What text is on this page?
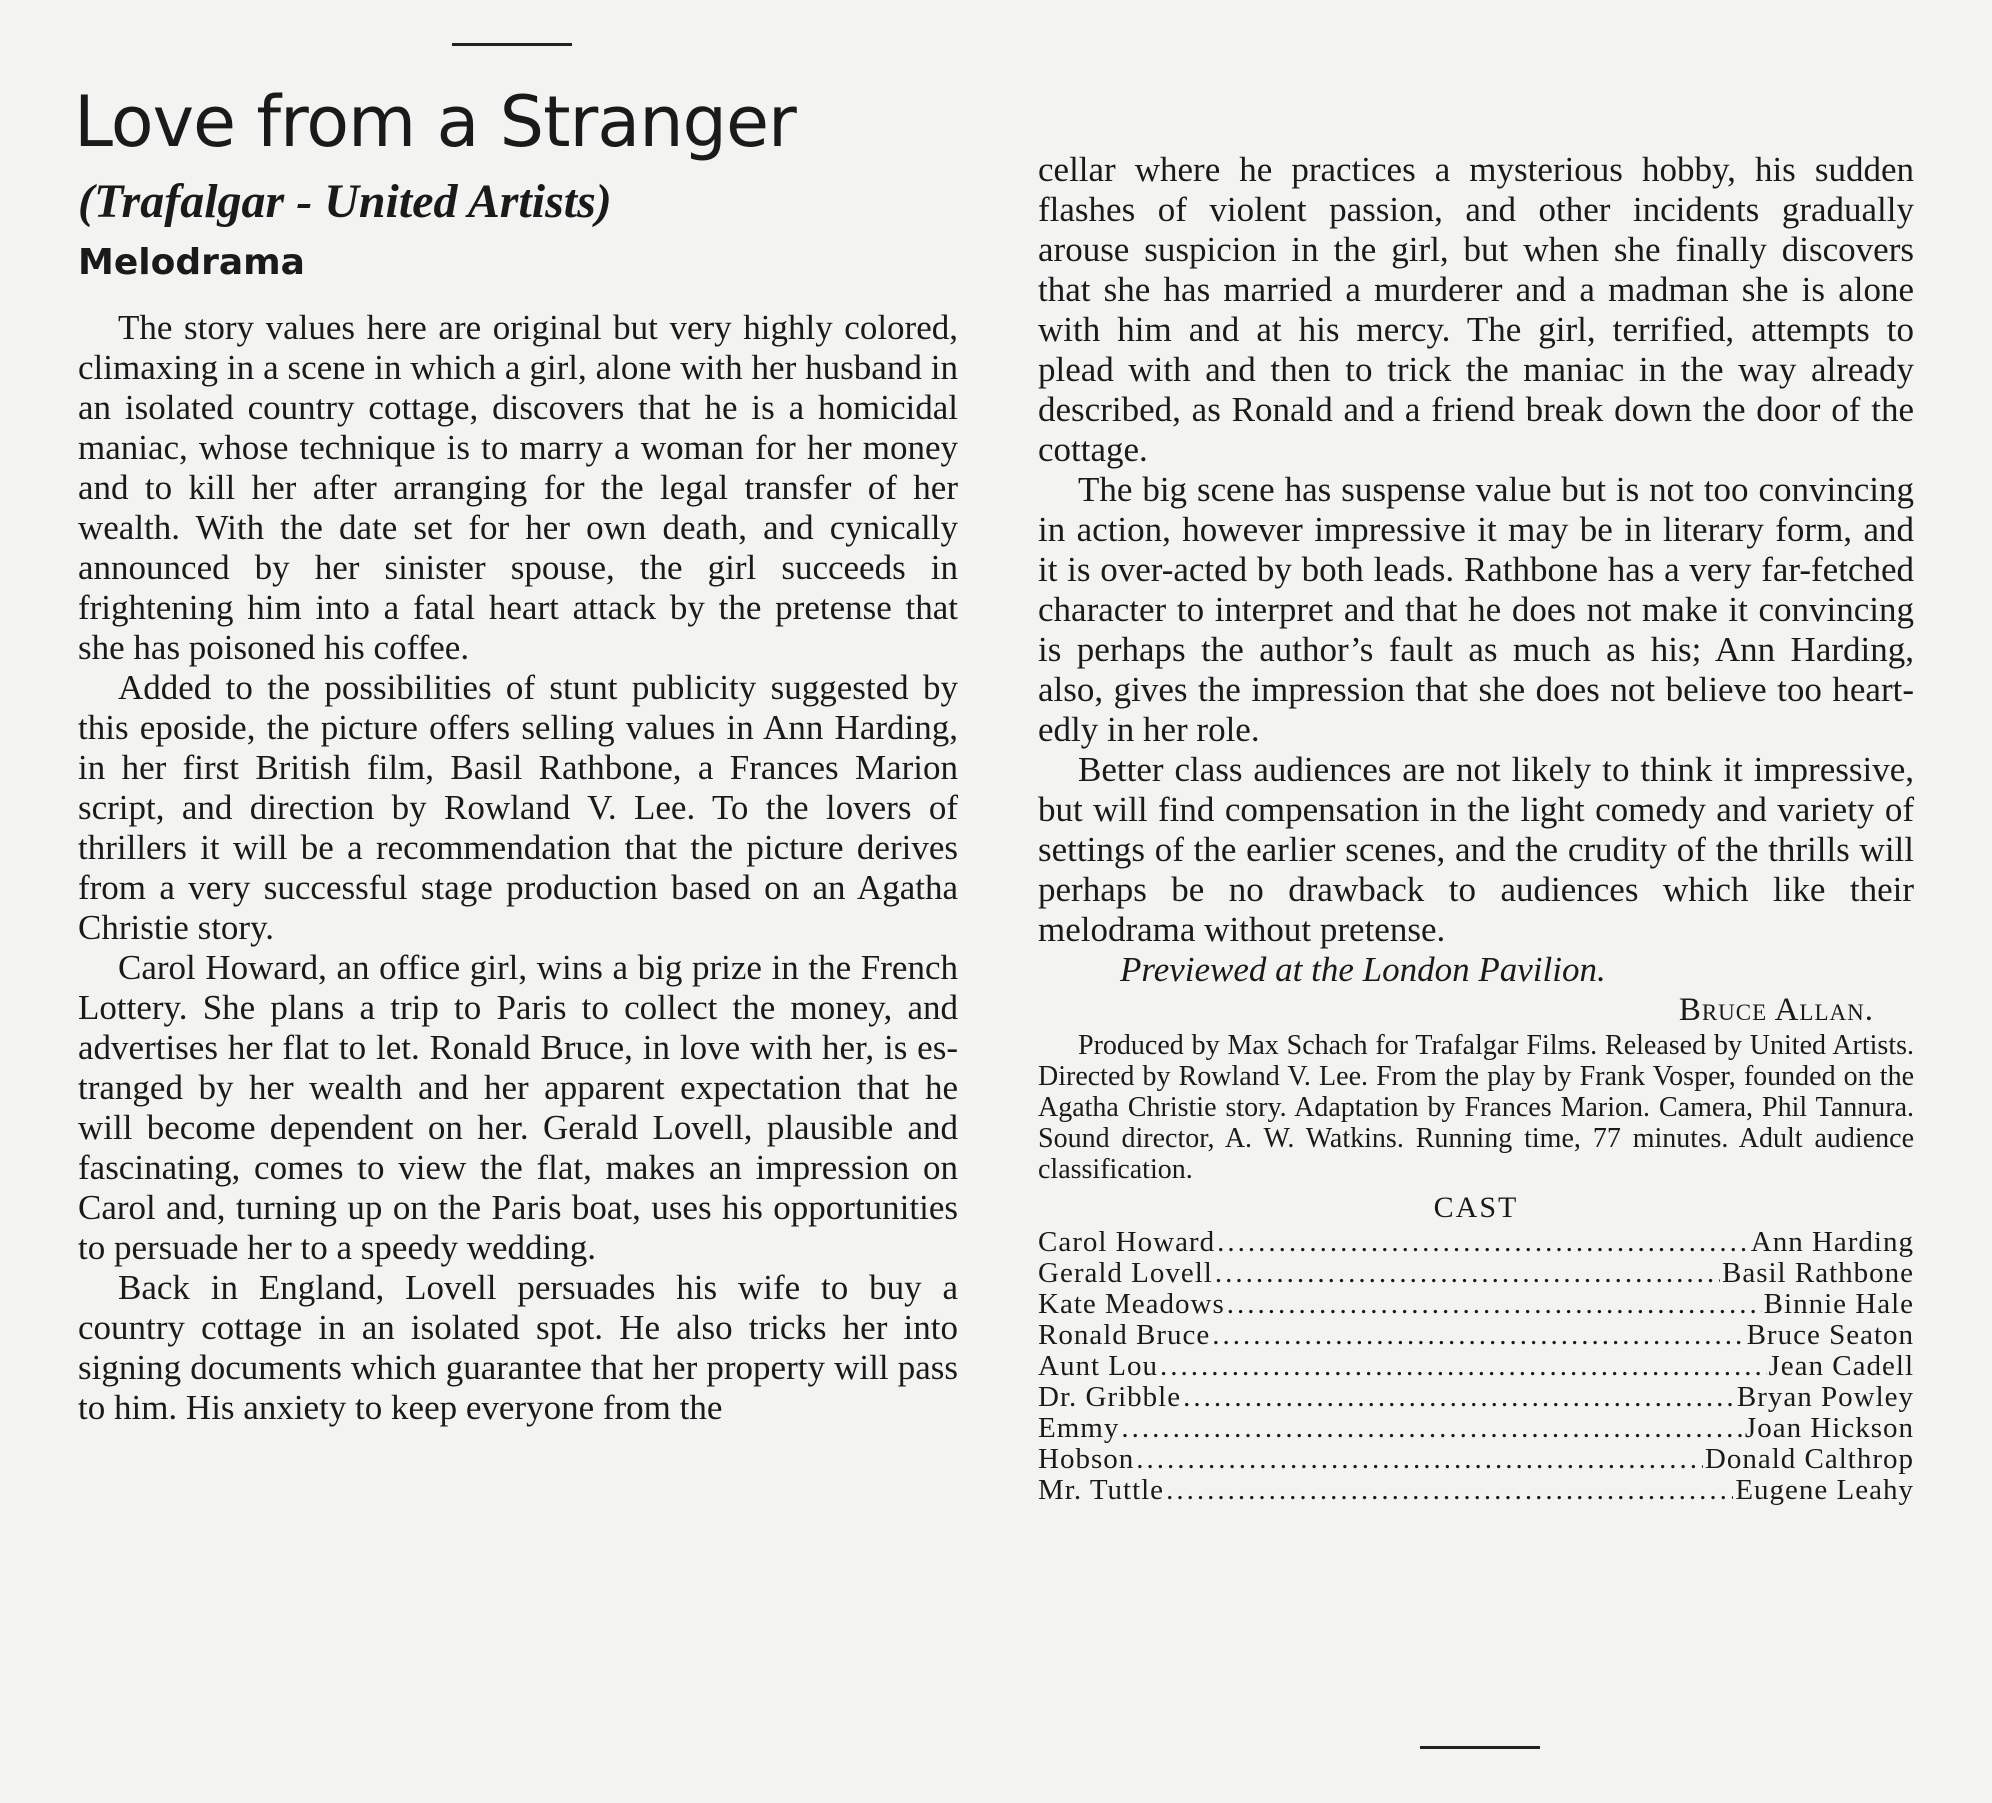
Love from a Stranger
(Trafalgar - United Artists)
Melodrama

The story values here are original but very highly colored, climaxing in a scene in which a girl, alone with her husband in an isolated country cottage, discovers that he is a homicidal maniac, whose technique is to marry a woman for her money and to kill her after arranging for the legal transfer of her wealth. With the date set for her own death, and cynically announced by her sinister spouse, the girl succeeds in frightening him into a fatal heart attack by the pretense that she has poisoned his coffee.

Added to the possibilities of stunt publicity suggested by this eposide, the picture offers selling values in Ann Harding, in her first British film, Basil Rathbone, a Frances Marion script, and direction by Rowland V. Lee. To the lovers of thrillers it will be a recommendation that the picture derives from a very successful stage production based on an Agatha Christie story.

Carol Howard, an office girl, wins a big prize in the French Lottery. She plans a trip to Paris to collect the money, and advertises her flat to let. Ronald Bruce, in love with her, is estranged by her wealth and her apparent expectation that he will become dependent on her. Gerald Lovell, plausible and fascinating, comes to view the flat, makes an impression on Carol and, turning up on the Paris boat, uses his opportunities to persuade her to a speedy wedding.

Back in England, Lovell persuades his wife to buy a country cottage in an isolated spot. He also tricks her into signing documents which guarantee that her property will pass to him. His anxiety to keep everyone from the

cellar where he practices a mysterious hobby, his sudden flashes of violent passion, and other incidents gradually arouse suspicion in the girl, but when she finally discovers that she has married a murderer and a madman she is alone with him and at his mercy. The girl, terrified, attempts to plead with and then to trick the maniac in the way already described, as Ronald and a friend break down the door of the cottage.

The big scene has suspense value but is not too convincing in action, however impressive it may be in literary form, and it is over-acted by both leads. Rathbone has a very far-fetched character to interpret and that he does not make it convincing is perhaps the author’s fault as much as his; Ann Harding, also, gives the impression that she does not believe too heartedly in her role.

Better class audiences are not likely to think it impressive, but will find compensation in the light comedy and variety of settings of the earlier scenes, and the crudity of the thrills will perhaps be no drawback to audiences which like their melodrama without pretense.

Previewed at the London Pavilion.

Bruce Allan.

Produced by Max Schach for Trafalgar Films. Released by United Artists. Directed by Rowland V. Lee. From the play by Frank Vosper, founded on the Agatha Christie story. Adaptation by Frances Marion. Camera, Phil Tannura. Sound director, A. W. Watkins. Running time, 77 minutes. Adult audience classification.

CAST
Carol Howard .....	Ann Harding
Gerald Lovell .....	Basil Rathbone
Kate Meadows .....	Binnie Hale
Ronald Bruce .....	Bruce Seaton
Aunt Lou .....	Jean Cadell
Dr. Gribble .....	Bryan Powley
Emmy .....	Joan Hickson
Hobson .....	Donald Calthrop
Mr. Tuttle .....	Eugene Leahy
